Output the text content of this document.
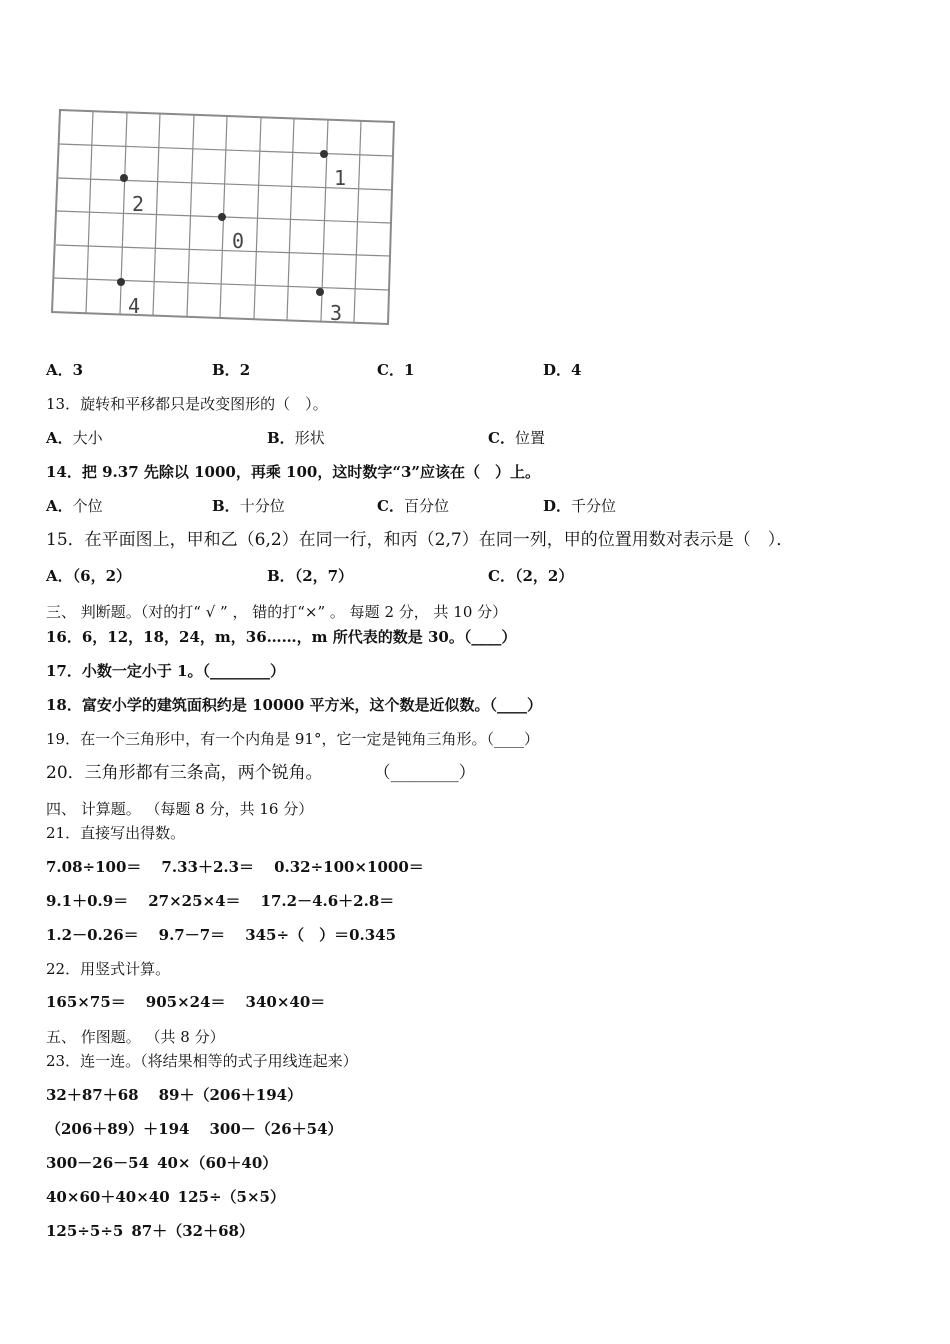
1
2
0
4	3
A．3	B．2	C．1	D．4
13．旋转和平移都只是改变图形的（　）。
A．大小	B．形状	C．位置
14．把 9.37 先除以 1000，再乘 100，这时数字“3”应该在（　）上。
A．个位	B．十分位	C．百分位	D．千分位
15．在平面图上，甲和乙（6,2）在同一行，和丙（2,7）在同一列，甲的位置用数对表示是（　）．
A．（6，2）	B．（2，7）	C．（2，2）
三、 判断题。（对的打“ √ ” ， 错的打“×” 。 每题 2 分， 共 10 分）
16．6，12，18，24，m，36……，m 所代表的数是 30。（____）
17．小数一定小于 1。（________）
18．富安小学的建筑面积约是 10000 平方米，这个数是近似数。（____）
19．在一个三角形中，有一个内角是 91°，它一定是钝角三角形。（____）
20．三角形都有三条高，两个锐角。　　　　（________）
四、 计算题。 （每题 8 分，共 16 分）
21．直接写出得数。
7.08÷100＝ 7.33＋2.3＝ 0.32÷100×1000＝
9.1＋0.9＝ 27×25×4＝ 17.2－4.6＋2.8＝
1.2－0.26＝ 9.7－7＝ 345÷（　）＝0.345
22．用竖式计算。
165×75＝ 905×24＝ 340×40＝
五、 作图题。 （共 8 分）
23．连一连。（将结果相等的式子用线连起来）
32＋87＋68 89＋（206＋194）
（206＋89）＋194 300－（26＋54）
300－26－54 40×（60＋40）
40×60＋40×40 125÷（5×5）
125÷5÷5 87＋（32＋68）
